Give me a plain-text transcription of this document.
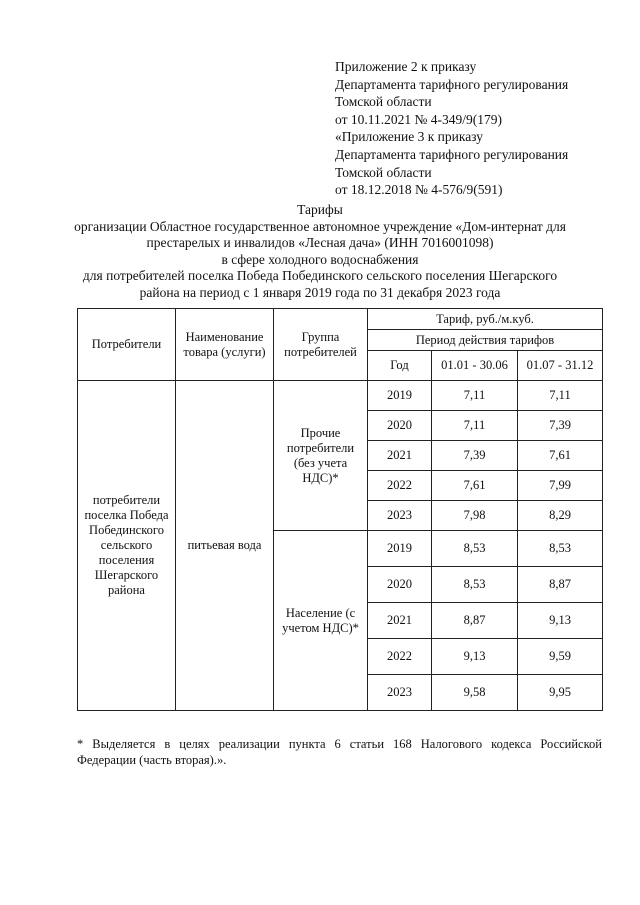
Приложение 2 к приказу
Департамента тарифного регулирования
Томской области
от 10.11.2021 № 4-349/9(179)
«Приложение 3 к приказу
Департамента тарифного регулирования
Томской области
от 18.12.2018 № 4-576/9(591)
Тарифы
организации Областное государственное автономное учреждение «Дом-интернат для
престарелых и инвалидов «Лесная дача» (ИНН 7016001098)
в сфере холодного водоснабжения
для потребителей поселка Победа Побединского сельского поселения Шегарского
района на период с 1 января 2019 года по 31 декабря 2023 года
Потребители	Наименование товара (услуги)	Группа потребителей	Тариф, руб./м.куб.		
			Период действия тарифов		
			Год	01.01 - 30.06	01.07 - 31.12
потребители поселка Победа Побединского сельского поселения Шегарского района	питьевая вода	Прочие потребители (без учета НДС)*	2019	7,11	7,11
			2020	7,11	7,39
			2021	7,39	7,61
			2022	7,61	7,99
			2023	7,98	8,29
		Население (с учетом НДС)*	2019	8,53	8,53
			2020	8,53	8,87
			2021	8,87	9,13
			2022	9,13	9,59
			2023	9,58	9,95
* Выделяется в целях реализации пункта 6 статьи 168 Налогового кодекса Российской
Федерации (часть вторая).».
